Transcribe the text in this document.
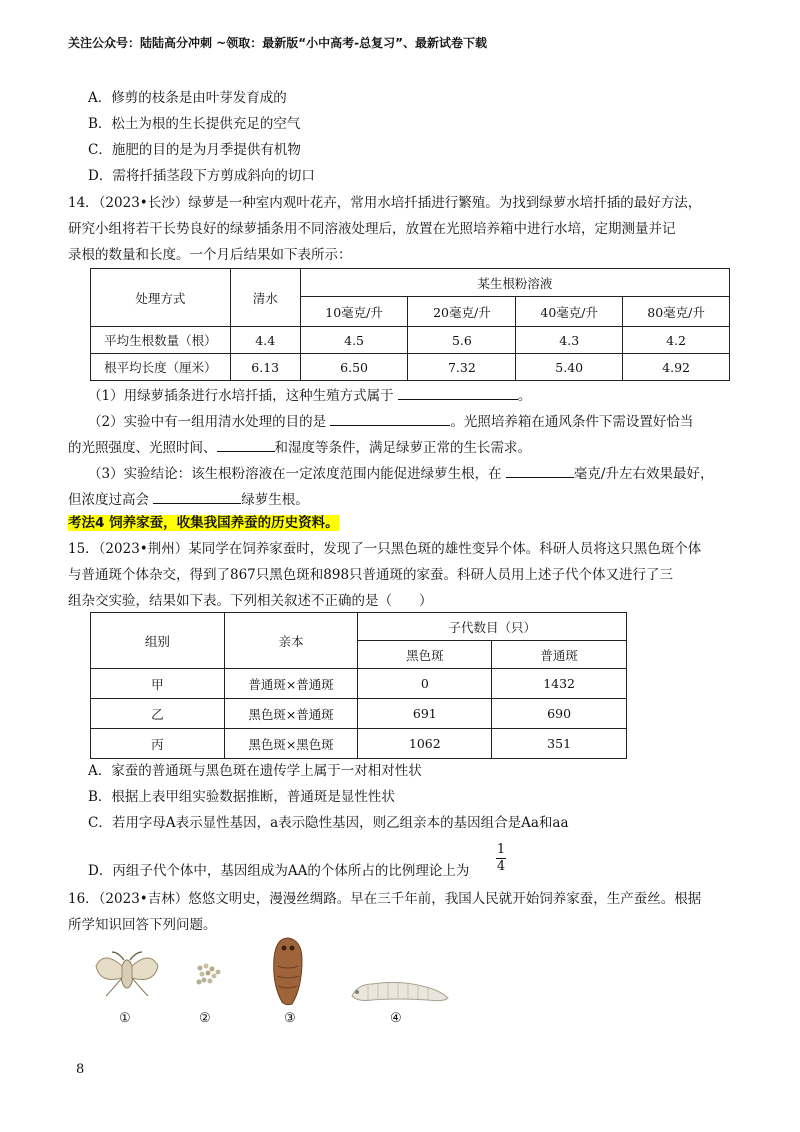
关注公众号：陆陆高分冲刺 ~领取：最新版“小中高考-总复习”、最新试卷下载
A．修剪的枝条是由叶芽发育成的
B．松土为根的生长提供充足的空气
C．施肥的目的是为月季提供有机物
D．需将扦插茎段下方剪成斜向的切口
14．（2023•长沙）绿萝是一种室内观叶花卉，常用水培扦插进行繁殖。为找到绿萝水培扦插的最好方法，
研究小组将若干长势良好的绿萝插条用不同溶液处理后，放置在光照培养箱中进行水培，定期测量并记
录根的数量和长度。一个月后结果如下表所示：
处理方式	清水	某生根粉溶液			
		10毫克/升	20毫克/升	40毫克/升	80毫克/升
平均生根数量（根）	4.4	4.5	5.6	4.3	4.2
根平均长度（厘米）	6.13	6.50	7.32	5.40	4.92
（1）用绿萝插条进行水培扦插，这种生殖方式属于	。
（2）实验中有一组用清水处理的目的是	。光照培养箱在通风条件下需设置好恰当
的光照强度、光照时间、	和湿度等条件，满足绿萝正常的生长需求。
（3）实验结论：该生根粉溶液在一定浓度范围内能促进绿萝生根，在	毫克/升左右效果最好，
但浓度过高会	绿萝生根。
考法4 饲养家蚕，收集我国养蚕的历史资料。
15．（2023•荆州）某同学在饲养家蚕时，发现了一只黑色斑的雄性变异个体。科研人员将这只黑色斑个体
与普通斑个体杂交，得到了867只黑色斑和898只普通斑的家蚕。科研人员用上述子代个体又进行了三
组杂交实验，结果如下表。下列相关叙述不正确的是（　　）
组别	亲本	子代数目（只）	
		黑色斑	普通斑
甲	普通斑×普通斑	0	1432
乙	黑色斑×普通斑	691	690
丙	黑色斑×黑色斑	1062	351
A．家蚕的普通斑与黑色斑在遗传学上属于一对相对性状
B．根据上表甲组实验数据推断，普通斑是显性性状
C．若用字母A表示显性基因，a表示隐性基因，则乙组亲本的基因组合是Aa和aa
D．丙组子代个体中，基因组成为AA的个体所占的比例理论上为
1
4
16．（2023•吉林）悠悠文明史，漫漫丝绸路。早在三千年前，我国人民就开始饲养家蚕，生产蚕丝。根据
所学知识回答下列问题。
①	②	③	④
8
